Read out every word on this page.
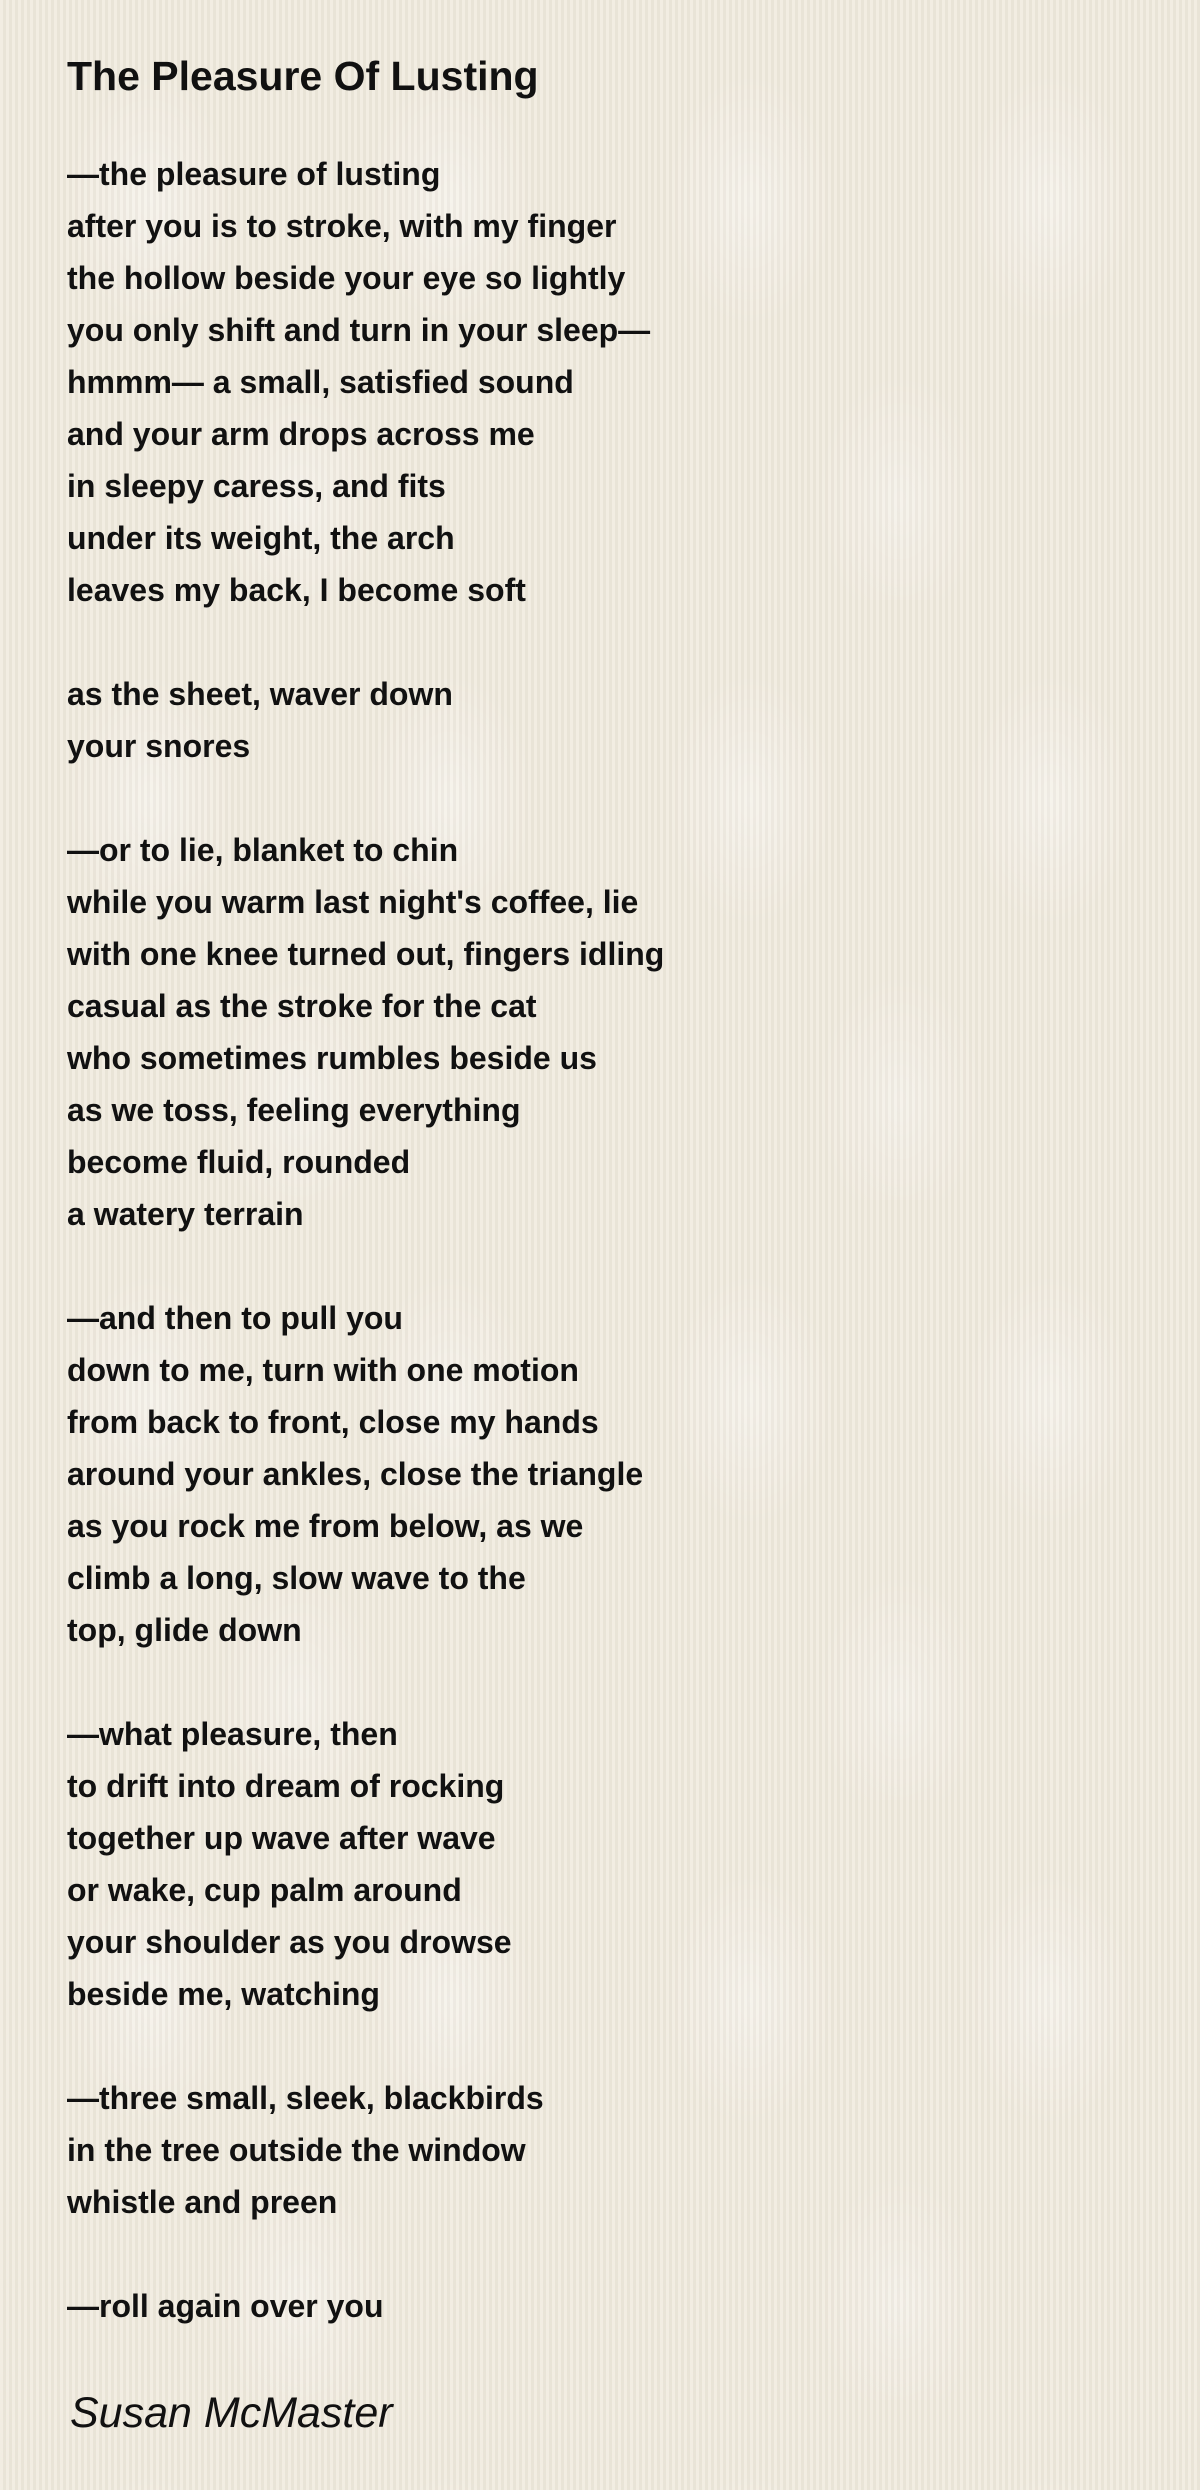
The Pleasure Of Lusting
—the pleasure of lusting
after you is to stroke, with my finger
the hollow beside your eye so lightly
you only shift and turn in your sleep—
hmmm— a small, satisfied sound
and your arm drops across me
in sleepy caress, and fits
under its weight, the arch
leaves my back, I become soft
as the sheet, waver down
your snores
—or to lie, blanket to chin
while you warm last night's coffee, lie
with one knee turned out, fingers idling
casual as the stroke for the cat
who sometimes rumbles beside us
as we toss, feeling everything
become fluid, rounded
a watery terrain
—and then to pull you
down to me, turn with one motion
from back to front, close my hands
around your ankles, close the triangle
as you rock me from below, as we
climb a long, slow wave to the
top, glide down
—what pleasure, then
to drift into dream of rocking
together up wave after wave
or wake, cup palm around
your shoulder as you drowse
beside me, watching
—three small, sleek, blackbirds
in the tree outside the window
whistle and preen
—roll again over you

Susan McMaster
